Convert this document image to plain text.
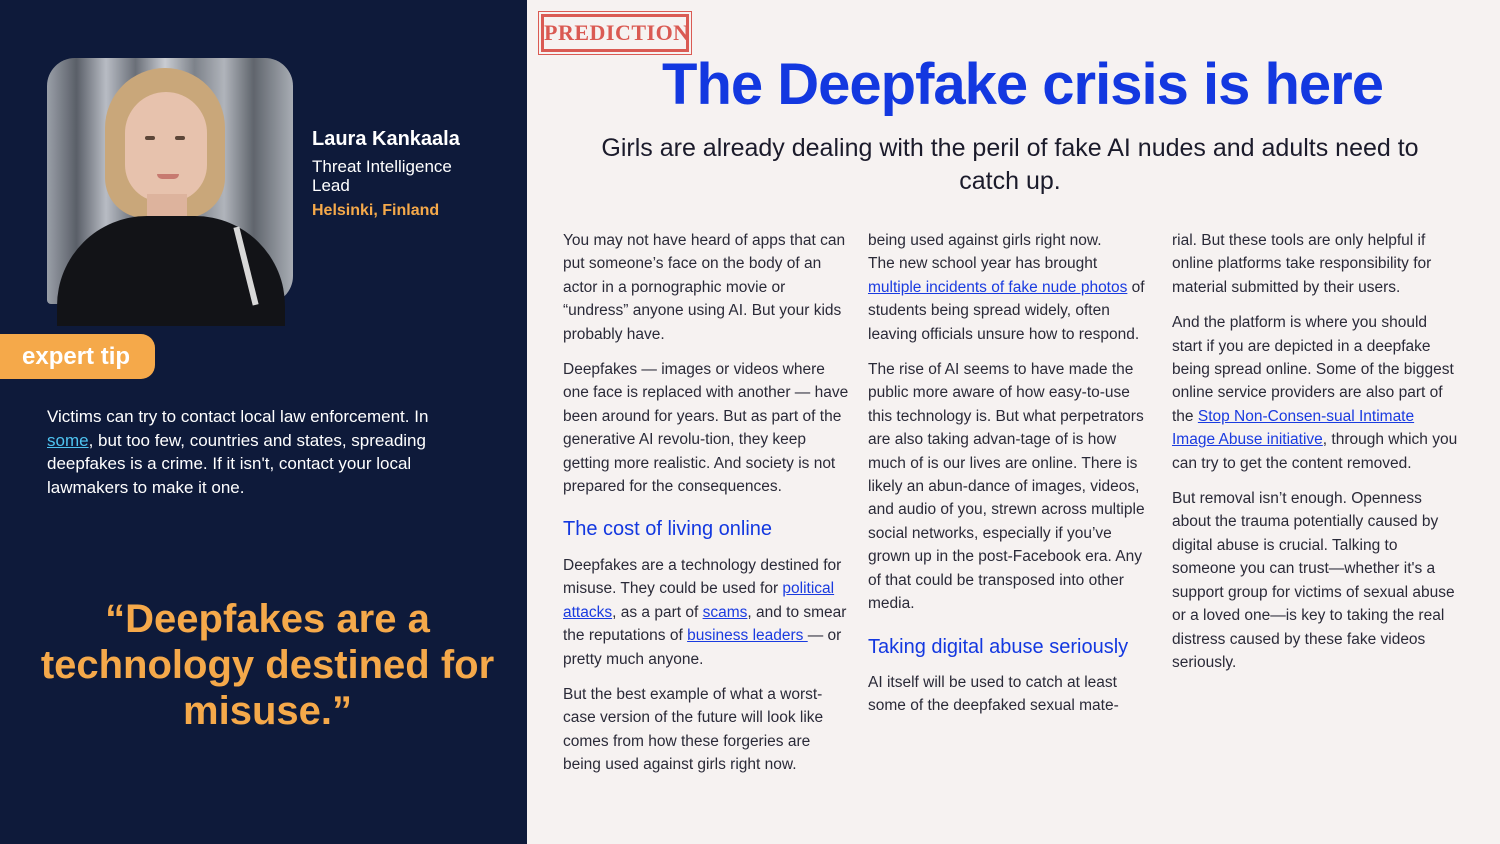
Laura Kankaala
Threat Intelligence Lead
Helsinki, Finland
expert tip
Victims can try to contact local law enforcement. In some, but too few, countries and states, spreading deepfakes is a crime. If it isn't, contact your local lawmakers to make it one.
“Deepfakes are a technology destined for misuse.”
PREDICTION
The Deepfake crisis is here
Girls are already dealing with the peril of fake AI nudes and adults need to catch up.

You may not have heard of apps that can put someone’s face on the body of an actor in a pornographic movie or “undress” anyone using AI. But your kids probably have.

Deepfakes — images or videos where one face is replaced with another — have been around for years. But as part of the generative AI revolu-tion, they keep getting more realistic. And society is not prepared for the consequences.

The cost of living online

Deepfakes are a technology destined for misuse. They could be used for political attacks, as a part of scams, and to smear the reputations of business leaders — or pretty much anyone.

But the best example of what a worst-case version of the future will look like comes from how these forgeries are being used against girls right now.

being used against girls right now.

The new school year has brought multiple incidents of fake nude photos of students being spread widely, often leaving officials unsure how to respond.

The rise of AI seems to have made the public more aware of how easy-to-use this technology is. But what perpetrators are also taking advan-tage of is how much of is our lives are online. There is likely an abun-dance of images, videos, and audio of you, strewn across multiple social networks, especially if you’ve grown up in the post-Facebook era. Any of that could be transposed into other media.

Taking digital abuse seriously

AI itself will be used to catch at least some of the deepfaked sexual mate-

rial. But these tools are only helpful if online platforms take responsibility for material submitted by their users.

And the platform is where you should start if you are depicted in a deepfake being spread online. Some of the biggest online service providers are also part of the Stop Non-Consen-sual Intimate Image Abuse initiative, through which you can try to get the content removed.

But removal isn’t enough. Openness about the trauma potentially caused by digital abuse is crucial. Talking to someone you can trust—whether it's a support group for victims of sexual abuse or a loved one—is key to taking the real distress caused by these fake videos seriously.
